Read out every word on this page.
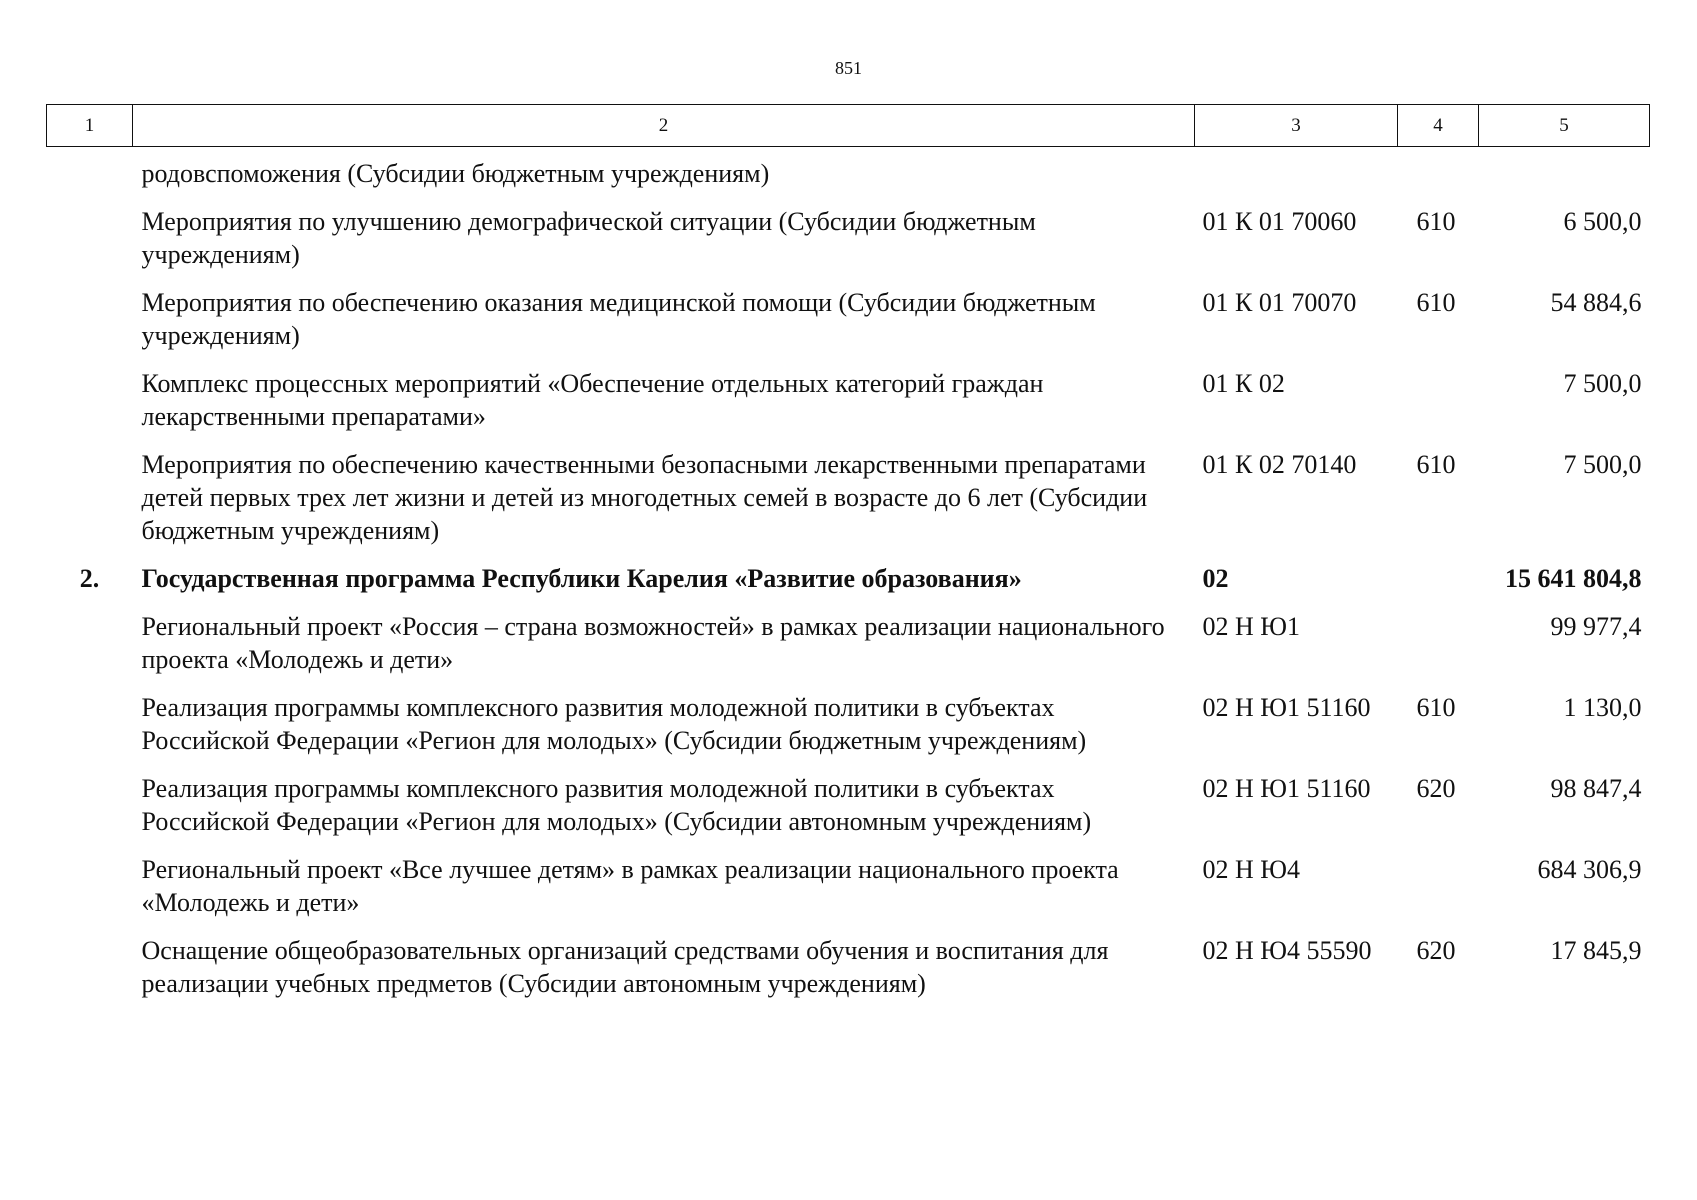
851
1	2	3	4	5
	родовспоможения (Субсидии бюджетным учреждениям)			
	Мероприятия по улучшению демографической ситуации (Субсидии бюджетным учреждениям)	01 К 01 70060	610	6 500,0
	Мероприятия по обеспечению оказания медицинской помощи (Субсидии бюджетным учреждениям)	01 К 01 70070	610	54 884,6
	Комплекс процессных мероприятий «Обеспечение отдельных категорий граждан лекарственными препаратами»	01 К 02		7 500,0
	Мероприятия по обеспечению качественными безопасными лекарственными препаратами детей первых трех лет жизни и детей из многодетных семей в возрасте до 6 лет (Субсидии бюджетным учреждениям)	01 К 02 70140	610	7 500,0
2.	Государственная программа Республики Карелия «Развитие образования»	02		15 641 804,8
	Региональный проект «Россия – страна возможностей» в рамках реализации национального проекта «Молодежь и дети»	02 Н Ю1		99 977,4
	Реализация программы комплексного развития молодежной политики в субъектах Российской Федерации «Регион для молодых» (Субсидии бюджетным учреждениям)	02 Н Ю1 51160	610	1 130,0
	Реализация программы комплексного развития молодежной политики в субъектах Российской Федерации «Регион для молодых» (Субсидии автономным учреждениям)	02 Н Ю1 51160	620	98 847,4
	Региональный проект «Все лучшее детям» в рамках реализации национального проекта «Молодежь и дети»	02 Н Ю4		684 306,9
	Оснащение общеобразовательных организаций средствами обучения и воспитания для реализации учебных предметов (Субсидии автономным учреждениям)	02 Н Ю4 55590	620	17 845,9
